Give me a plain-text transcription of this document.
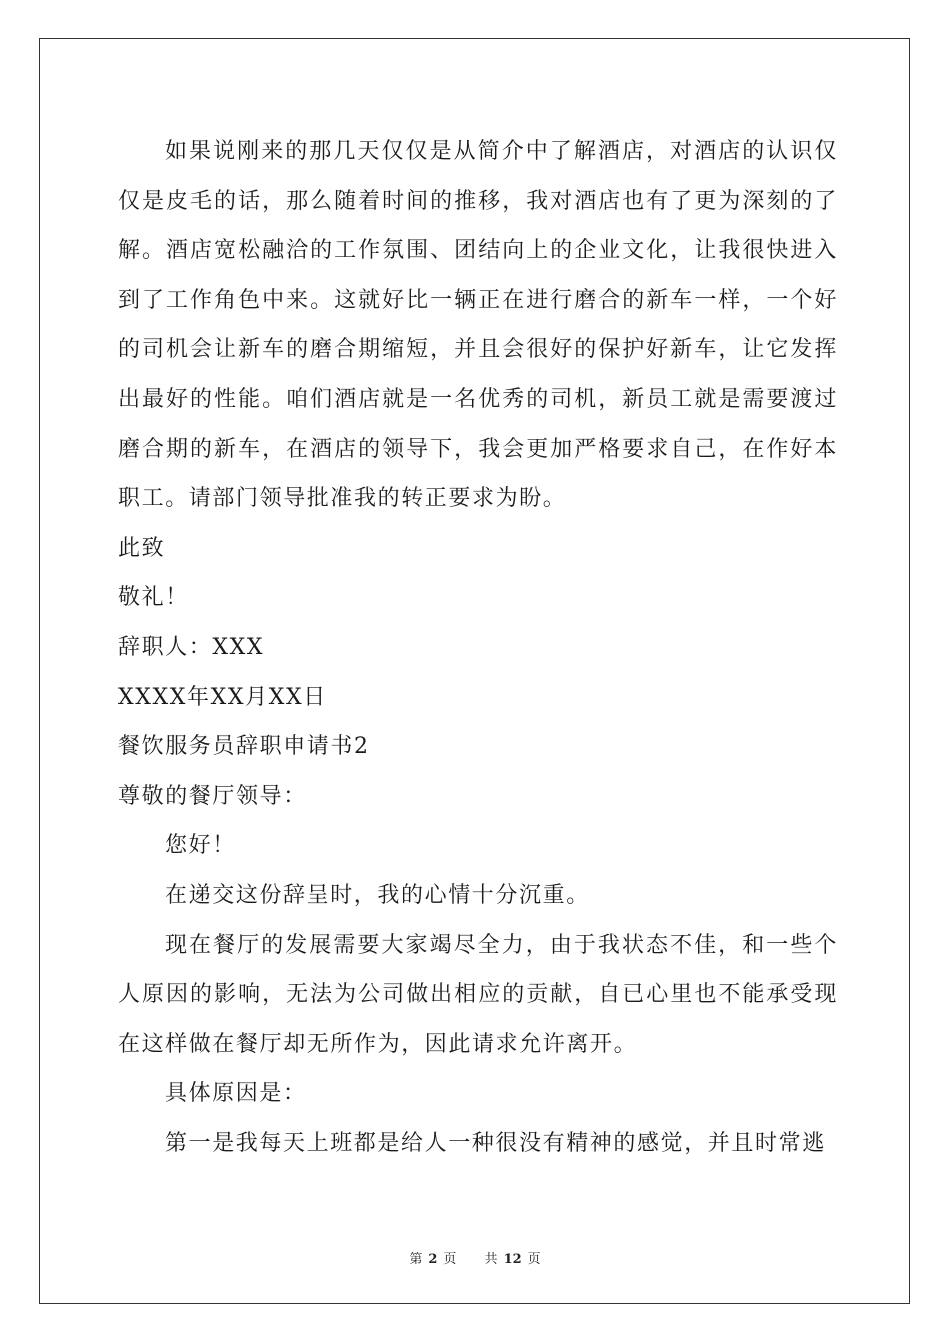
如果说刚来的那几天仅仅是从简介中了解酒店，对酒店的认识仅仅是皮毛的话，那么随着时间的推移，我对酒店也有了更为深刻的了解。酒店宽松融洽的工作氛围、团结向上的企业文化，让我很快进入到了工作角色中来。这就好比一辆正在进行磨合的新车一样，一个好的司机会让新车的磨合期缩短，并且会很好的保护好新车，让它发挥出最好的性能。咱们酒店就是一名优秀的司机，新员工就是需要渡过磨合期的新车，在酒店的领导下，我会更加严格要求自己，在作好本职工。请部门领导批准我的转正要求为盼。

此致

敬礼！

辞职人：XXX

XXXX年XX月XX日

餐饮服务员辞职申请书2

尊敬的餐厅领导：

您好！

在递交这份辞呈时，我的心情十分沉重。

现在餐厅的发展需要大家竭尽全力，由于我状态不佳，和一些个人原因的影响，无法为公司做出相应的贡献，自已心里也不能承受现在这样做在餐厅却无所作为，因此请求允许离开。

具体原因是：

第一是我每天上班都是给人一种很没有精神的感觉，并且时常逃

第 2 页 共 12 页
